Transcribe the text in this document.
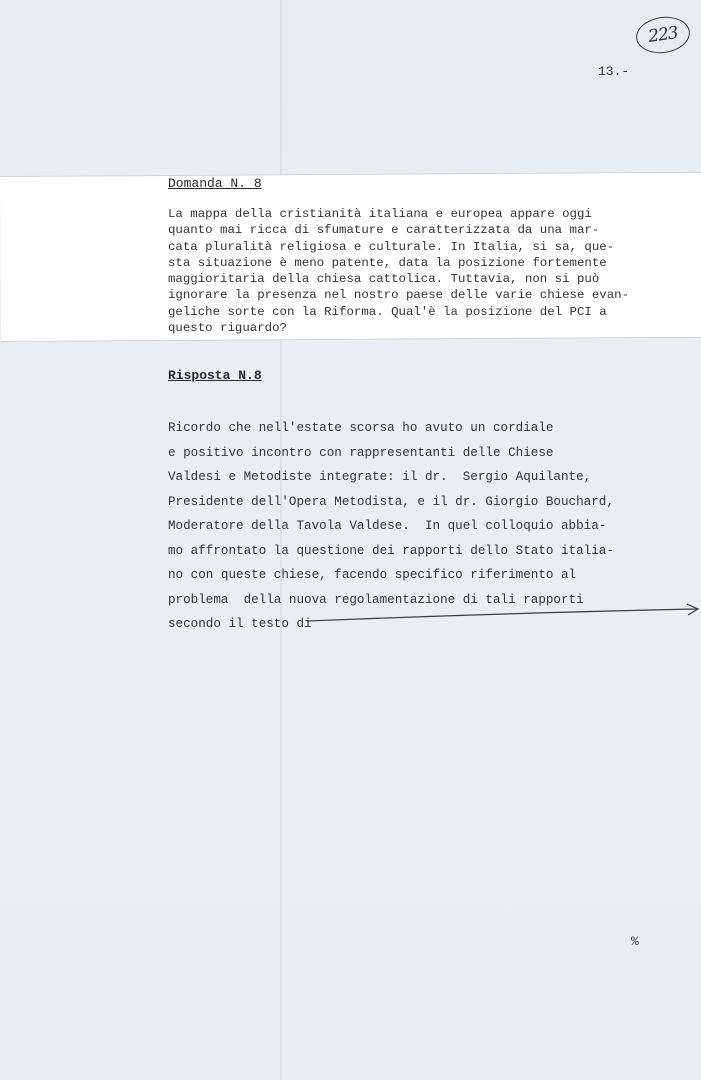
223
13.-
Domanda N. 8
La mappa della cristianità italiana e europea appare oggi
quanto mai ricca di sfumature e caratterizzata da una mar-
cata pluralità religiosa e culturale. In Italia, si sa, que-
sta situazione è meno patente, data la posizione fortemente
maggioritaria della chiesa cattolica. Tuttavia, non si può
ignorare la presenza nel nostro paese delle varie chiese evan-
geliche sorte con la Riforma. Qual'è la posizione del PCI a
questo riguardo?
Risposta N.8
Ricordo che nell'estate scorsa ho avuto un cordiale
e positivo incontro con rappresentanti delle Chiese
Valdesi e Metodiste integrate: il dr.  Sergio Aquilante,
Presidente dell'Opera Metodista, e il dr. Giorgio Bouchard,
Moderatore della Tavola Valdese.  In quel colloquio abbia-
mo affrontato la questione dei rapporti dello Stato italia-
no con queste chiese, facendo specifico riferimento al
problema  della nuova regolamentazione di tali rapporti
secondo il testo di
%
